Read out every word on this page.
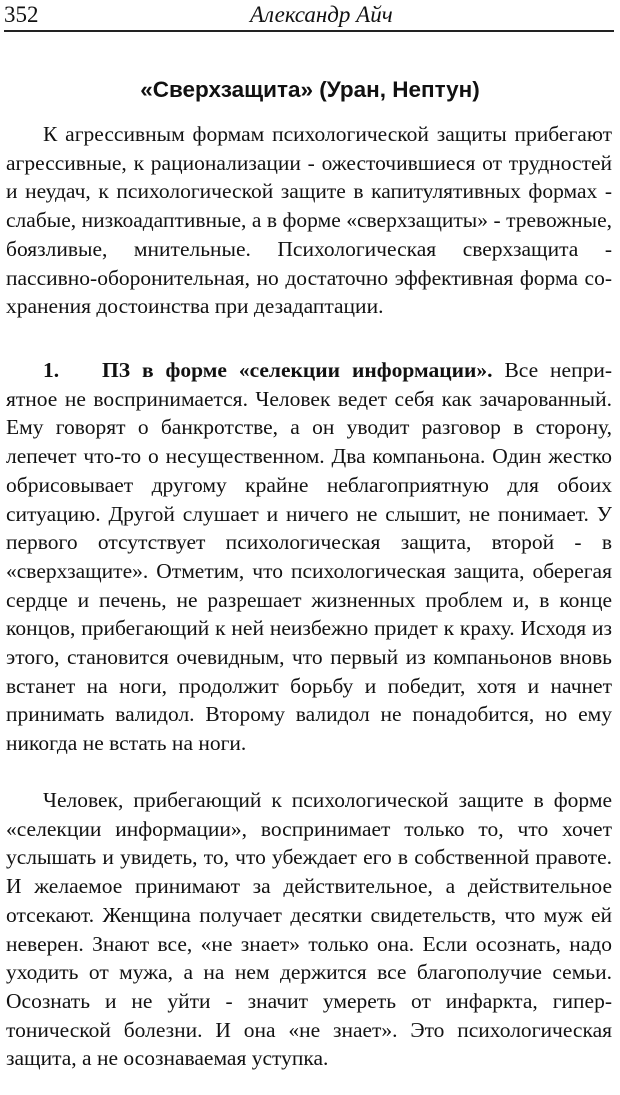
352	Александр Айч
«Сверхзащита» (Уран, Нептун)

К агрессивным формам психологической защиты прибегают агрессивные, к рационализации - ожесточившиеся от трудностей и неудач, к психологической защите в капитулятивных формах - слабые, низкоадаптивные, а в форме «сверхзащиты» - тревожные, боязливые, мнительные. Психологическая сверхзащита - пассивно-оборонительная, но достаточно эффективная форма сохранения достоинства при дезадаптации.

1. ПЗ в форме «селекции информации». Все неприятное не воспринимается. Человек ведет себя как зачарованный. Ему говорят о банкротстве, а он уводит разговор в сторону, лепечет что-то о несущественном. Два компаньона. Один жестко обрисовывает другому крайне неблагоприятную для обоих ситуацию. Другой слушает и ничего не слышит, не понимает. У первого отсутствует психологическая защита, второй - в «сверхзащите». Отметим, что психологическая защита, оберегая сердце и печень, не разрешает жизненных проблем и, в конце концов, прибегающий к ней неизбежно придет к краху. Исходя из этого, становится очевидным, что первый из компаньонов вновь встанет на ноги, продолжит борьбу и победит, хотя и начнет принимать валидол. Второму валидол не понадобится, но ему никогда не встать на ноги.

Человек, прибегающий к психологической защите в форме «селекции информации», воспринимает только то, что хочет услышать и увидеть, то, что убеждает его в собственной правоте. И желаемое принимают за действительное, а действительное отсекают. Женщина получает десятки свидетельств, что муж ей неверен. Знают все, «не знает» только она. Если осознать, надо уходить от мужа, а на нем держится все благополучие семьи. Осознать и не уйти - значит умереть от инфаркта, гипертонической болезни. И она «не знает». Это психологическая защита, а не осознаваемая уступка.
